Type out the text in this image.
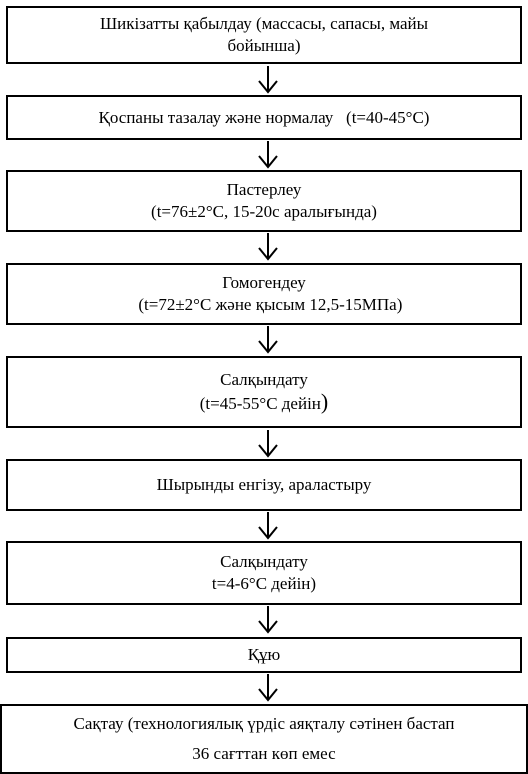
Шикізатты қабылдау (массасы, сапасы, майы
бойынша)
Қоспаны тазалау және нормалау   (t=40-45°С)
Пастерлеу
(t=76±2°С, 15-20с аралығында)
Гомогендеу
(t=72±2°С және қысым 12,5-15МПа)
Салқындату
(t=45-55°С дейін)
Шырынды енгізу, араластыру
Салқындату
t=4-6°С дейін)
Құю
Сақтау (технологиялық үрдіс аяқталу сәтінен бастап
36 сағттан көп емес
